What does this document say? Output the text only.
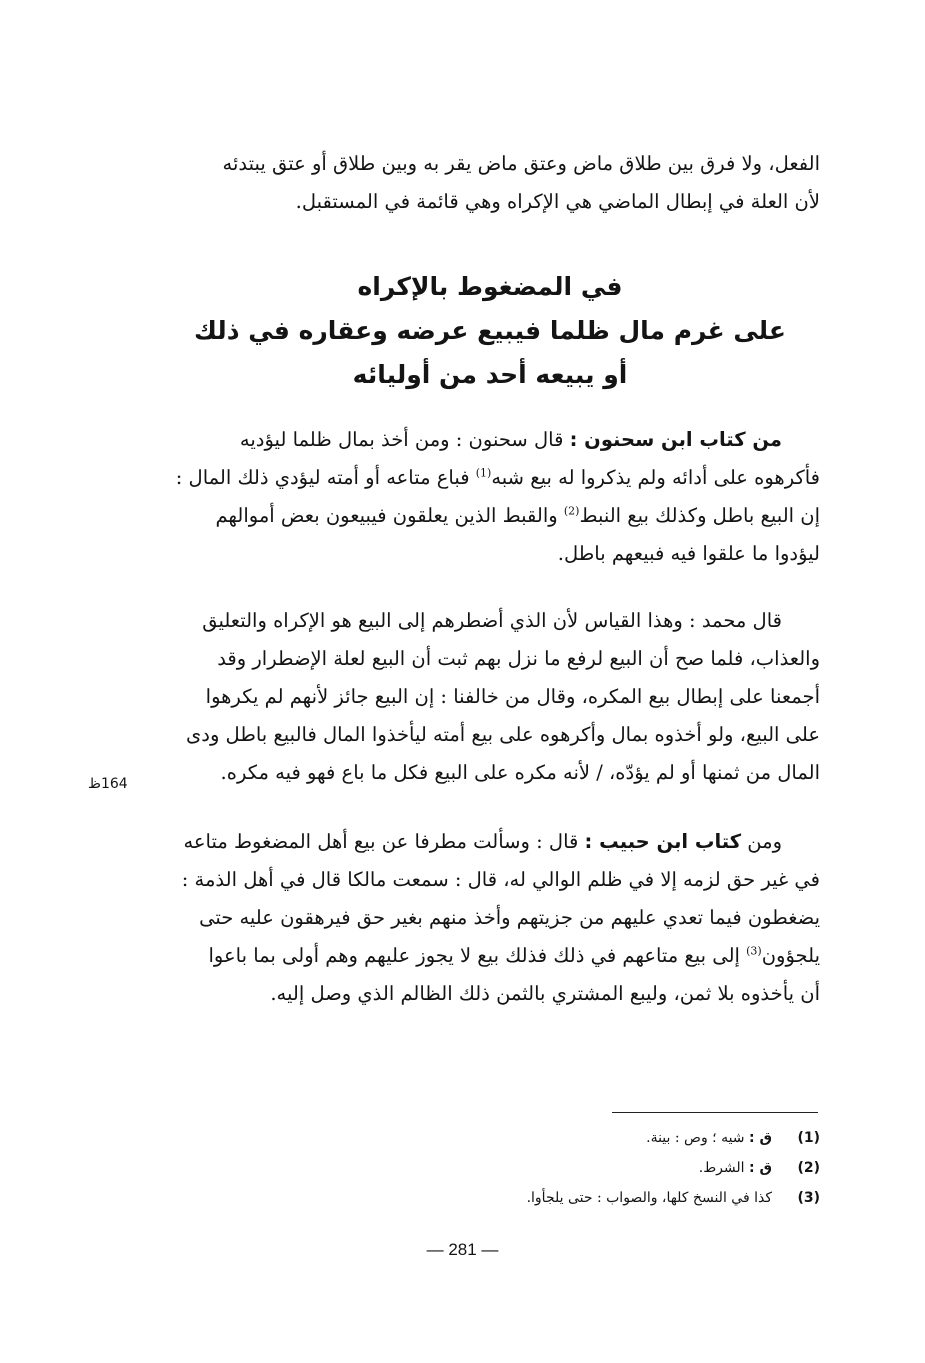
الفعل، ولا فرق بين طلاق ماض وعتق ماض يقر به وبين طلاق أو عتق يبتدئه
لأن العلة في إبطال الماضي هي الإكراه وهي قائمة في المستقبل.
في المضغوط بالإكراه
على غرم مال ظلما فيبيع عرضه وعقاره في ذلك
أو يبيعه أحد من أوليائه
من كتاب ابن سحنون : قال سحنون : ومن أخذ بمال ظلما ليؤديه
فأكرهوه على أدائه ولم يذكروا له بيع شبه$^{(1)}$ فباع متاعه أو أمته ليؤدي ذلك المال :
إن البيع باطل وكذلك بيع النبط$^{(2)}$ والقبط الذين يعلقون فيبيعون بعض أموالهم
ليؤدوا ما علقوا فيه فبيعهم باطل.
قال محمد : وهذا القياس لأن الذي أضطرهم إلى البيع هو الإكراه والتعليق
والعذاب، فلما صح أن البيع لرفع ما نزل بهم ثبت أن البيع لعلة الإضطرار وقد
أجمعنا على إبطال بيع المكره، وقال من خالفنا : إن البيع جائز لأنهم لم يكرهوا
على البيع، ولو أخذوه بمال وأكرهوه على بيع أمته ليأخذوا المال فالبيع باطل ودى
المال من ثمنها أو لم يؤدّه، / لأنه مكره على البيع فكل ما باع فهو فيه مكره.
164ظ
ومن كتاب ابن حبيب : قال : وسألت مطرفا عن بيع أهل المضغوط متاعه
في غير حق لزمه إلا في ظلم الوالي له، قال : سمعت مالكا قال في أهل الذمة :
يضغطون فيما تعدي عليهم من جزيتهم وأخذ منهم بغير حق فيرهقون عليه حتى
يلجؤون$^{(3)}$ إلى بيع متاعهم في ذلك فذلك بيع لا يجوز عليهم وهم أولى بما باعوا
أن يأخذوه بلا ثمن، وليبع المشتري بالثمن ذلك الظالم الذي وصل إليه.
(1)ق : شيه ؛ وص : بينة.
(2)ق : الشرط.
(3)كذا في النسخ كلها، والصواب : حتى يلجأوا.
— 281 —
